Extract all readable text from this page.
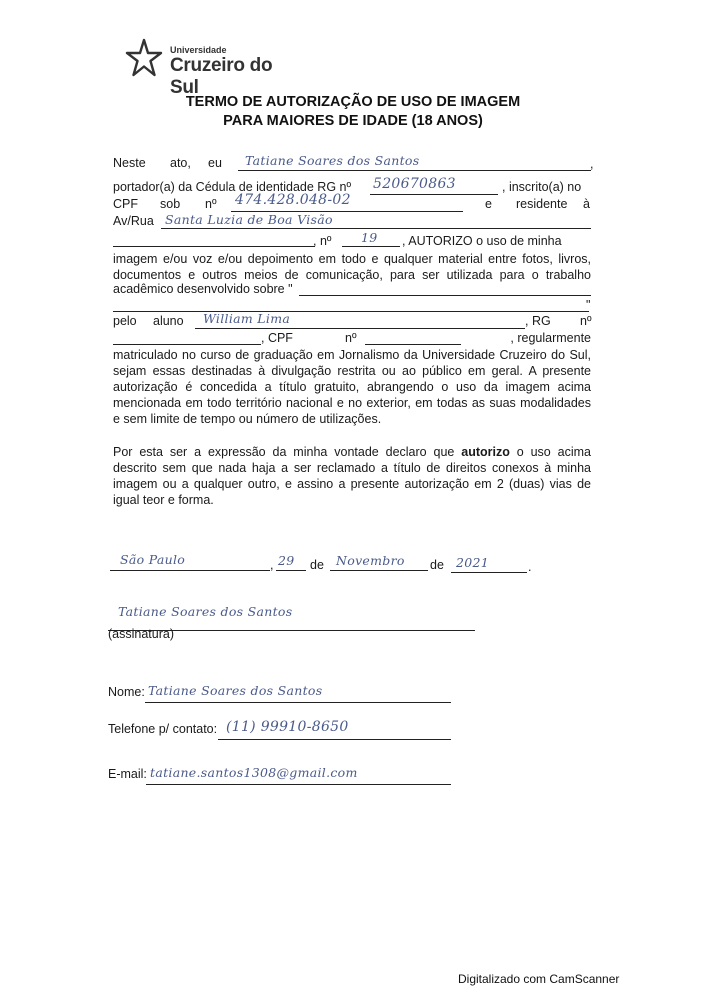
Universidade
Cruzeiro do Sul
TERMO DE AUTORIZAÇÃO DE USO DE IMAGEM
PARA MAIORES DE IDADE (18 ANOS)
Neste ato, eu Tatiane Soares dos Santos	,
portador(a) da Cédula de identidade RG nº 520670863	, inscrito(a) no
CPF sob nº 474.428.048-02	e residente à
Av/Rua Santa Luzia de Boa Visão
, nº 19 , AUTORIZO o uso de minha
imagem e/ou voz e/ou depoimento em todo e qualquer material entre fotos, livros,
documentos e outros meios de comunicação, para ser utilizada para o trabalho
acadêmico desenvolvido sobre "
"
pelo aluno William Lima	, RG nº
, CPF	nº	, regularmente
matriculado no curso de graduação em Jornalismo da Universidade Cruzeiro do Sul,
sejam essas destinadas à divulgação restrita ou ao público em geral. A presente
autorização é concedida a título gratuito, abrangendo o uso da imagem acima
mencionada em todo território nacional e no exterior, em todas as suas modalidades
e sem limite de tempo ou número de utilizações.
Por esta ser a expressão da minha vontade declaro que autorizo o uso acima
descrito sem que nada haja a ser reclamado a título de direitos conexos à minha
imagem ou a qualquer outro, e assino a presente autorização em 2 (duas) vias de
igual teor e forma.
São Paulo	, 29 de Novembro de 2021	.
Tatiane Soares dos Santos
(assinatura)
Nome: Tatiane Soares dos Santos
Telefone p/ contato: (11) 99910-8650
E-mail: tatiane.santos1308@gmail.com
Digitalizado com CamScanner
